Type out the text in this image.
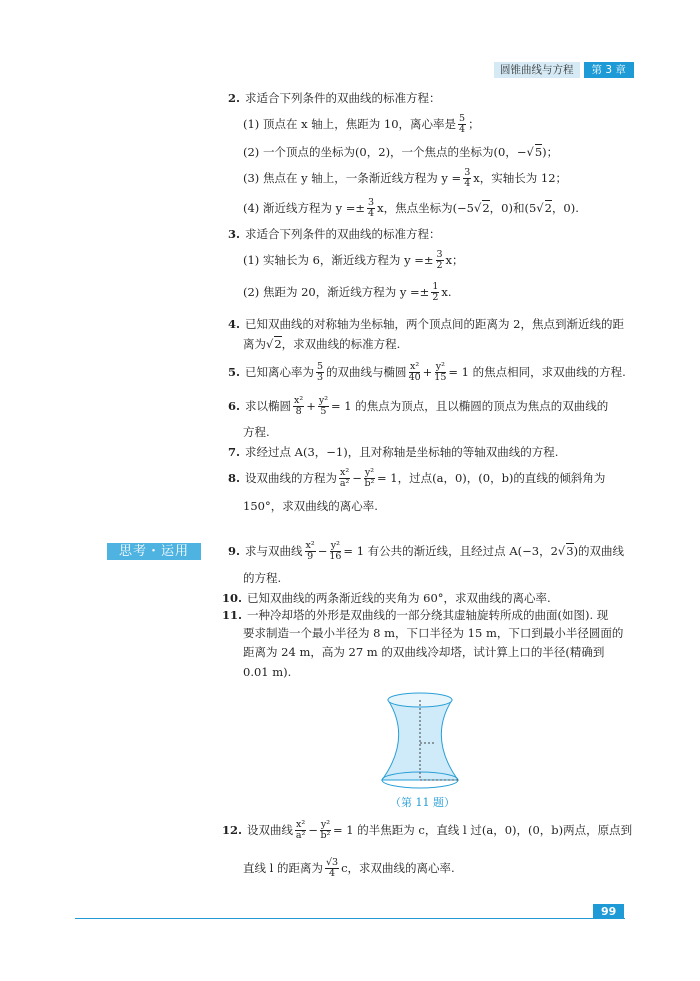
圆锥曲线与方程	第 3 章
2. 求适合下列条件的双曲线的标准方程：
(1) 顶点在 x 轴上，焦距为 10，离心率是 $\frac{5}{4}$ ；
(2) 一个顶点的坐标为(0，2)，一个焦点的坐标为(0，− √5 )；
(3) 焦点在 y 轴上，一条渐近线方程为 $y = \frac{3}{4}$ x，实轴长为 12；
(4) 渐近线方程为 $y =\pm \frac{3}{4}$ x，焦点坐标为(−5 √2 ，0)和(5 √2 ，0).
3. 求适合下列条件的双曲线的标准方程：
(1) 实轴长为 6，渐近线方程为 $y =\pm \frac{3}{2}$ x；
(2) 焦距为 20，渐近线方程为 $y =\pm \frac{1}{2} x$.
4. 已知双曲线的对称轴为坐标轴，两个顶点间的距离为 2，焦点到渐近线的距
离为 √2 ，求双曲线的标准方程.
5. 已知离心率为 $\frac{5}{3}$ 的双曲线与椭圆 $\frac{\text{x²}}{40} + \frac{\text{y²}}{15} = 1$ 的焦点相同，求双曲线的方程.
6. 求以椭圆 $\frac{\text{x²}}{8} + \frac{\text{y²}}{5} = 1$ 的焦点为顶点，且以椭圆的顶点为焦点的双曲线的
方程.
7. 求经过点 A(3，−1)，且对称轴是坐标轴的等轴双曲线的方程.
8. 设双曲线的方程为 $\frac{\text{x²}}{\text{a²}} - \frac{\text{y²}}{\text{b²}} = 1$，过点(a，0)，(0，b)的直线的倾斜角为
150°，求双曲线的离心率.
思考・运用	9. 求与双曲线 $\frac{\text{x²}}{9} - \frac{\text{y²}}{16} = 1$ 有公共的渐近线，且经过点 A(−3，2 √3 )的双曲线
的方程.
10. 已知双曲线的两条渐近线的夹角为 60°，求双曲线的离心率.
11. 一种冷却塔的外形是双曲线的一部分绕其虚轴旋转所成的曲面(如图). 现
要求制造一个最小半径为 8 m，下口半径为 15 m，下口到最小半径圆面的
距离为 24 m，高为 27 m 的双曲线冷却塔，试计算上口的半径(精确到
0.01 m).
（第 11 题）
12. 设双曲线 $\frac{\text{x²}}{\text{a²}} - \frac{\text{y²}}{\text{b²}} = 1$ 的半焦距为 c，直线 l 过(a，0)，(0，b)两点，原点到
直线 l 的距离为 $\frac{√3}{4}$ c，求双曲线的离心率.
99
